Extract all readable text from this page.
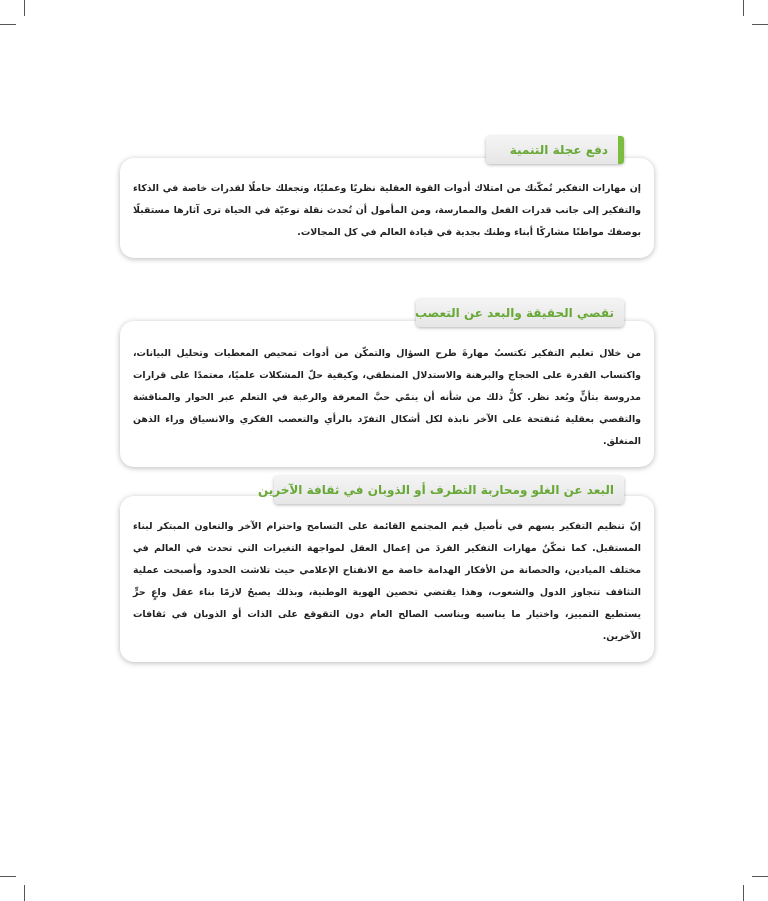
إن مهارات التفكير تُمكّنك من امتلاك أدوات القوة العقلية نظريًا وعمليًا، وتجعلك حاملًا لقدرات خاصة في الذكاء والتفكير إلى جانب قدرات الفعل والممارسة، ومن المأمول أن تُحدث نقلة نوعيّة في الحياة ترى آثارها مستقبلًا بوصفك مواطنًا مشاركًا أبناء وطنك بجدية في قيادة العالم في كل المجالات.

دفع عجلة التنمية

من خلال تعليم التفكير تكتسبُ مهارةَ طرح السؤال والتمكّن من أدوات تمحيص المعطيات وتحليل البيانات، واكتساب القدرة على الحجاج والبرهنة والاستدلال المنطقي، وكيفية حلّ المشكلات علميًا، معتمدًا على قرارات مدروسة بتأنٍّ وبُعد نظر. كلُّ ذلك من شأنه أن ينمّي حبَّ المعرفة والرغبة في التعلم عبر الحوار والمناقشة والتقصي بعقلية مُنفتحة على الآخر نابذة لكل أشكال التفرّد بالرأي والتعصب الفكري والانسياق وراء الذهن المنغلق.

تقصي الحقيقة والبعد عن التعصب

إنّ تنظيم التفكير يسهم في تأصيل قيم المجتمع القائمة على التسامح واحترام الآخر والتعاون المبتكر لبناء المستقبل. كما تمكّنُ مهارات التفكير الفردَ من إعمال العقل لمواجهة التغيرات التي تحدث في العالم في مختلف الميادين، والحصانة من الأفكار الهدامة خاصة مع الانفتاح الإعلامي حيث تلاشت الحدود وأصبحت عملية التثاقف تتجاوز الدول والشعوب، وهذا يقتضي تحصين الهوية الوطنية، وبذلك يصبحُ لازمًا بناء عقل واعٍ حرٍّ يستطيع التمييز، واختيار ما يناسبه ويناسب الصالح العام دون التقوقع على الذات أو الذوبان في ثقافات الآخرين.

البعد عن الغلو ومحاربة التطرف أو الذوبان في ثقافة الآخرين
